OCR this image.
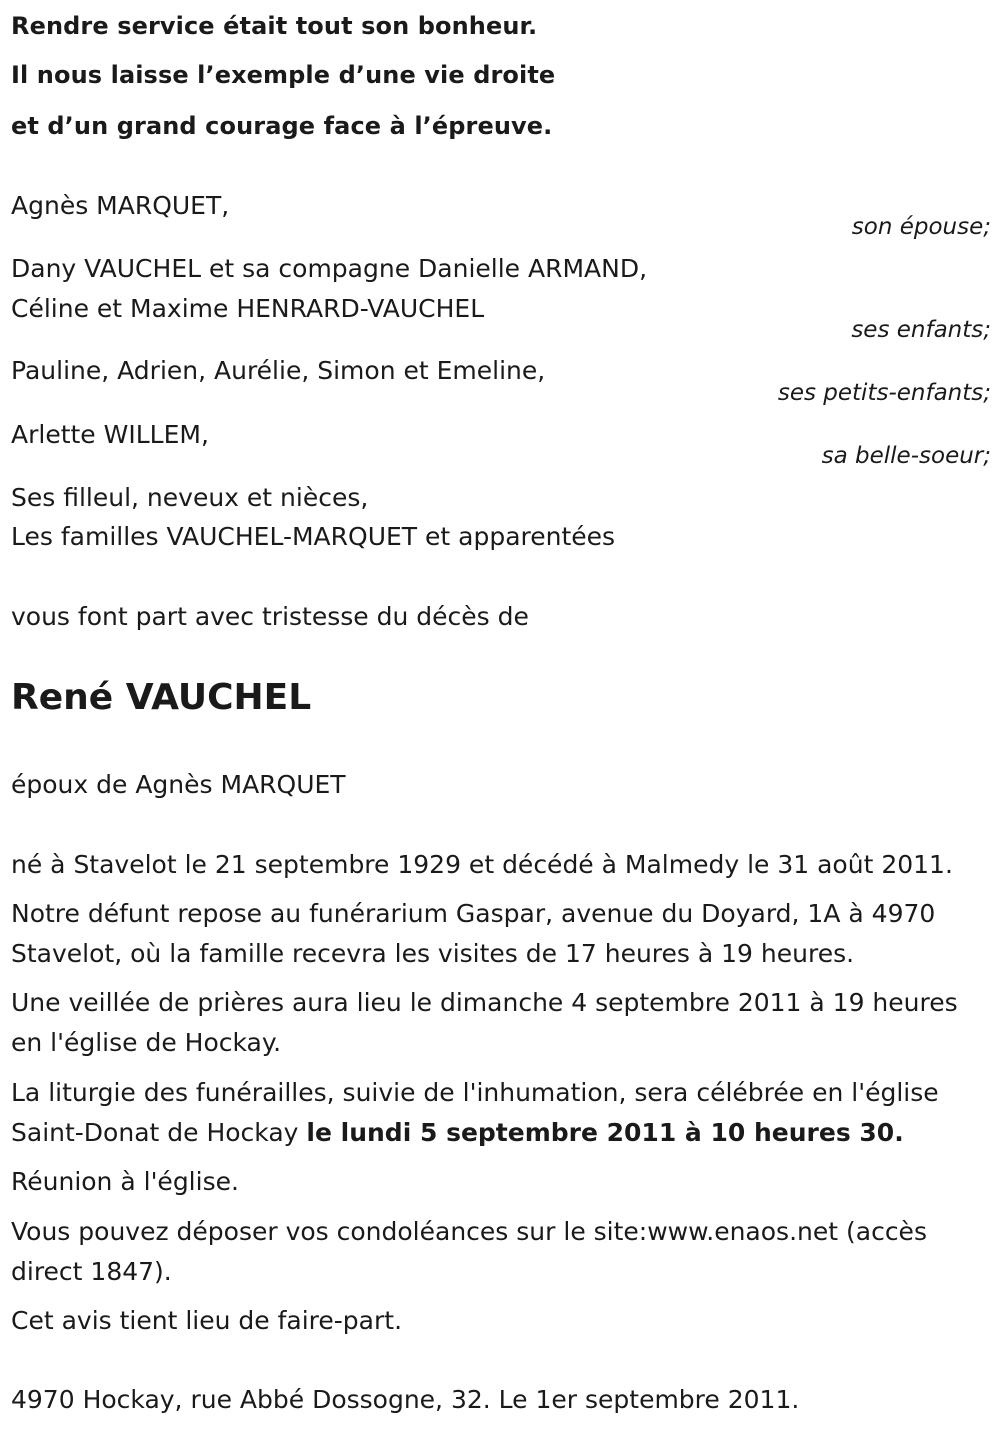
Rendre service était tout son bonheur.
Il nous laisse l’exemple d’une vie droite
et d’un grand courage face à l’épreuve.
Agnès MARQUET,
son épouse;
Dany VAUCHEL et sa compagne Danielle ARMAND,
Céline et Maxime HENRARD-VAUCHEL
ses enfants;
Pauline, Adrien, Aurélie, Simon et Emeline,
ses petits-enfants;
Arlette WILLEM,
sa belle-soeur;
Ses filleul, neveux et nièces,
Les familles VAUCHEL-MARQUET et apparentées
vous font part avec tristesse du décès de
René VAUCHEL
époux de Agnès MARQUET
né à Stavelot le 21 septembre 1929 et décédé à Malmedy le 31 août 2011.
Notre défunt repose au funérarium Gaspar, avenue du Doyard, 1A à 4970 Stavelot, où la famille recevra les visites de 17 heures à 19 heures.
Une veillée de prières aura lieu le dimanche 4 septembre 2011 à 19 heures en l'église de Hockay.
La liturgie des funérailles, suivie de l'inhumation, sera célébrée en l'église Saint-Donat de Hockay le lundi 5 septembre 2011 à 10 heures 30.
Réunion à l'église.
Vous pouvez déposer vos condoléances sur le site:www.enaos.net (accès direct 1847).
Cet avis tient lieu de faire-part.
4970 Hockay, rue Abbé Dossogne, 32. Le 1er septembre 2011.
